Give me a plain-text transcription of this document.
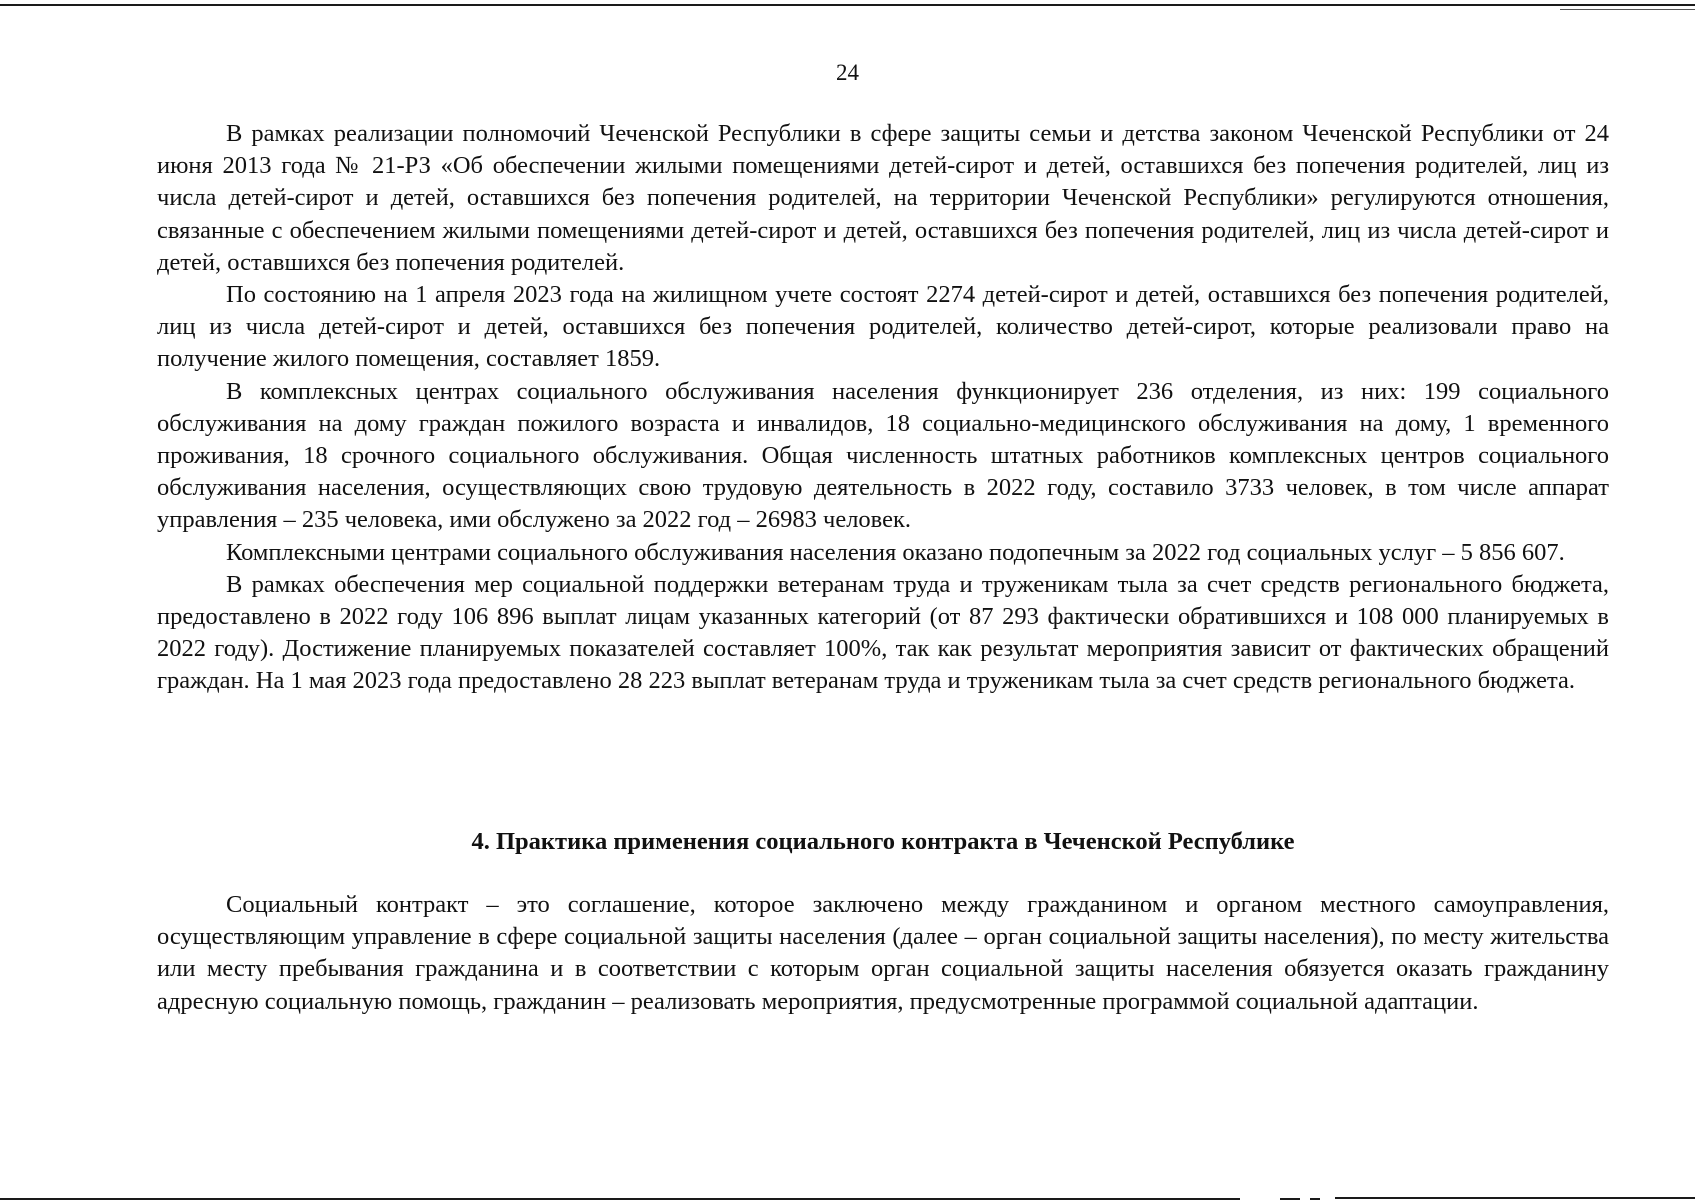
24

В рамках реализации полномочий Чеченской Республики в сфере защиты семьи и детства законом Чеченской Республики от 24 июня 2013 года № 21-РЗ «Об обеспечении жилыми помещениями детей-сирот и детей, оставшихся без попечения родителей, лиц из числа детей-сирот и детей, оставшихся без попечения родителей, на территории Чеченской Республики» регулируются отношения, связанные с обеспечением жилыми помещениями детей-сирот и детей, оставшихся без попечения родителей, лиц из числа детей-сирот и детей, оставшихся без попечения родителей.

По состоянию на 1 апреля 2023 года на жилищном учете состоят 2274 детей-сирот и детей, оставшихся без попечения родителей, лиц из числа детей-сирот и детей, оставшихся без попечения родителей, количество детей-сирот, которые реализовали право на получение жилого помещения, составляет 1859.

В комплексных центрах социального обслуживания населения функционирует 236 отделения, из них: 199 социального обслуживания на дому граждан пожилого возраста и инвалидов, 18 социально-медицинского обслуживания на дому, 1 временного проживания, 18 срочного социального обслуживания. Общая численность штатных работников комплексных центров социального обслуживания населения, осуществляющих свою трудовую деятельность в 2022 году, составило 3733 человек, в том числе аппарат управления – 235 человека, ими обслужено за 2022 год – 26983 человек.

Комплексными центрами социального обслуживания населения оказано подопечным за 2022 год социальных услуг – 5 856 607.

В рамках обеспечения мер социальной поддержки ветеранам труда и труженикам тыла за счет средств регионального бюджета, предоставлено в 2022 году 106 896 выплат лицам указанных категорий (от 87 293 фактически обратившихся и 108 000 планируемых в 2022 году). Достижение планируемых показателей составляет 100%, так как результат мероприятия зависит от фактических обращений граждан. На 1 мая 2023 года предоставлено 28 223 выплат ветеранам труда и труженикам тыла за счет средств регионального бюджета.

4. Практика применения социального контракта в Чеченской Республике

Социальный контракт – это соглашение, которое заключено между гражданином и органом местного самоуправления, осуществляющим управление в сфере социальной защиты населения (далее – орган социальной защиты населения), по месту жительства или месту пребывания гражданина и в соответствии с которым орган социальной защиты населения обязуется оказать гражданину адресную социальную помощь, гражданин – реализовать мероприятия, предусмотренные программой социальной адаптации.
